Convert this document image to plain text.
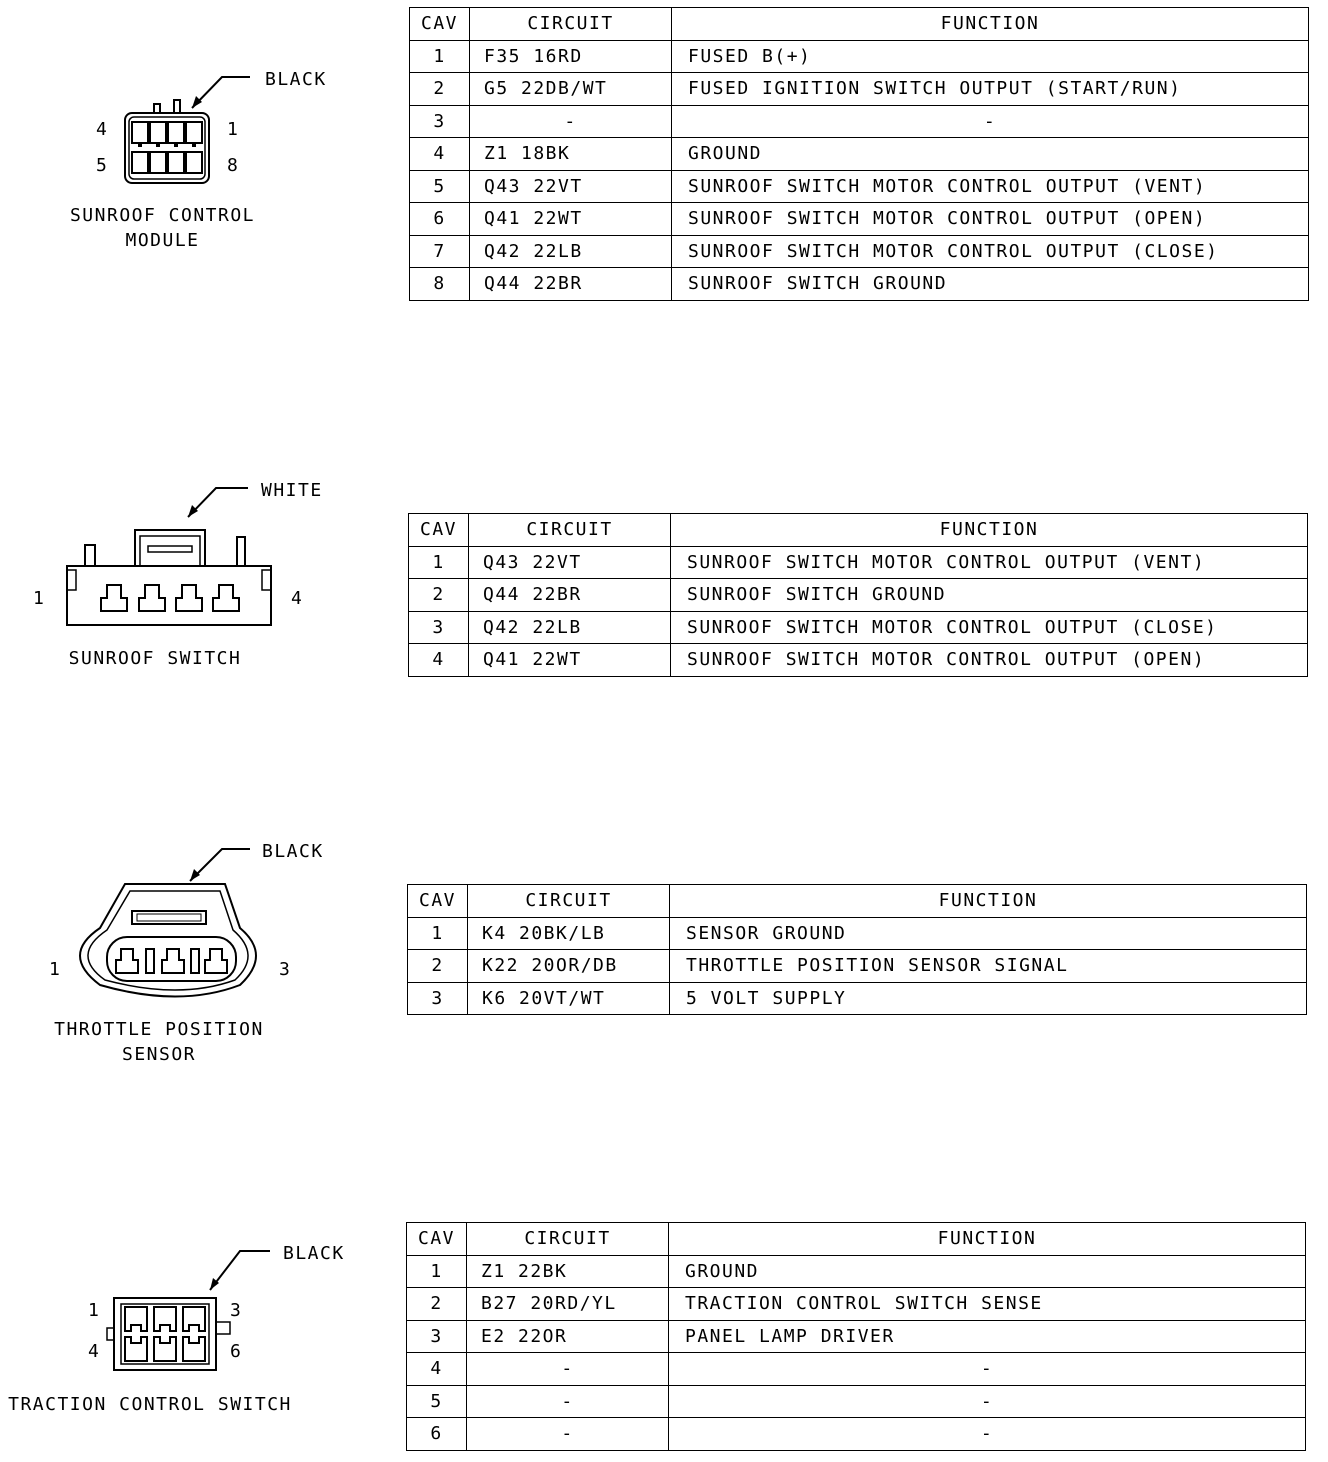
BLACK
4	1
5	8
SUNROOF CONTROL
MODULE
CAV	CIRCUIT	FUNCTION
1	F35 16RD	FUSED B(+)
2	G5 22DB/WT	FUSED IGNITION SWITCH OUTPUT (START/RUN)
3	-	-
4	Z1 18BK	GROUND
5	Q43 22VT	SUNROOF SWITCH MOTOR CONTROL OUTPUT (VENT)
6	Q41 22WT	SUNROOF SWITCH MOTOR CONTROL OUTPUT (OPEN)
7	Q42 22LB	SUNROOF SWITCH MOTOR CONTROL OUTPUT (CLOSE)
8	Q44 22BR	SUNROOF SWITCH GROUND
WHITE
1	4
SUNROOF SWITCH
CAV	CIRCUIT	FUNCTION
1	Q43 22VT	SUNROOF SWITCH MOTOR CONTROL OUTPUT (VENT)
2	Q44 22BR	SUNROOF SWITCH GROUND
3	Q42 22LB	SUNROOF SWITCH MOTOR CONTROL OUTPUT (CLOSE)
4	Q41 22WT	SUNROOF SWITCH MOTOR CONTROL OUTPUT (OPEN)
BLACK
1	3
THROTTLE POSITION
SENSOR
CAV	CIRCUIT	FUNCTION
1	K4 20BK/LB	SENSOR GROUND
2	K22 20OR/DB	THROTTLE POSITION SENSOR SIGNAL
3	K6 20VT/WT	5 VOLT SUPPLY
BLACK
1	3
4	6
TRACTION CONTROL SWITCH
CAV	CIRCUIT	FUNCTION
1	Z1 22BK	GROUND
2	B27 20RD/YL	TRACTION CONTROL SWITCH SENSE
3	E2 22OR	PANEL LAMP DRIVER
4	-	-
5	-	-
6	-	-
